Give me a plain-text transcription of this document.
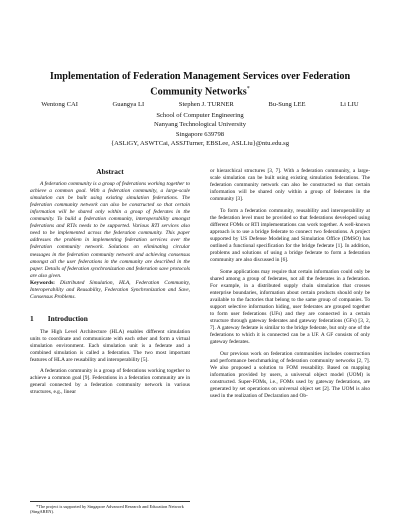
Implementation of Federation Management Services over Federation Community Networks*
Wentong CAI	Guangya LI	Stephen J. TURNER	Bu-Sung LEE	Li LIU
School of Computer Engineering
Nanyang Technological University
Singapore 639798
{ASLiGY, ASWTCai, ASSJTurner, EBSLee, ASLLiu}@ntu.edu.sg
Abstract

A federation community is a group of federations working together to achieve a common goal. With a federation community, a large-scale simulation can be built using existing simulation federations. The federation community network can also be constructed so that certain information will be shared only within a group of federates in the community. To build a federation community, interoperability amongst federations and RTIs needs to be supported. Various RTI services also need to be implemented across the federation community. This paper addresses the problem in implementing federation services over the federation community network. Solutions on eliminating circular messages in the federation community network and achieving consensus amongst all the user federations in the community are described in the paper. Details of federation synchronization and federation save protocols are also given.

Keywords: Distributed Simulation, HLA, Federation Community, Interoperability and Reusability, Federation Synchronization and Save, Consensus Problems.

1 Introduction

The High Level Architecture (HLA) enables different simulation units to coordinate and communicate with each other and form a virtual simulation environment. Each simulation unit is a federate and a combined simulation is called a federation. The two most important features of HLA are reusability and interoperability [5].

A federation community is a group of federations working together to achieve a common goal [9]. Federations in a federation community are in general connected by a federation community network in various structures, e.g., linear

*The project is supported by Singapore Advanced Research and Education Network (SingAREN).

or hierarchical structures [3, 7]. With a federation community, a large-scale simulation can be built using existing simulation federations. The federation community network can also be constructed so that certain information will be shared only within a group of federates in the community [3].

To form a federation community, reusability and interoperability at the federation level must be provided so that federations developed using different FOMs or RTI implementations can work together. A well-known approach is to use a bridge federate to connect two federations. A project supported by US Defense Modeling and Simulation Office (DMSO) has outlined a functional specification for the bridge federate [1]. In addition, problems and solutions of using a bridge federate to form a federation community are also discussed in [6].

Some applications may require that certain information could only be shared among a group of federates, not all the federates in a federation. For example, in a distributed supply chain simulation that crosses enterprise boundaries, information about certain products should only be available to the factories that belong to the same group of companies. To support selective information hiding, user federates are grouped together to form user federations (UFs) and they are connected in a certain structure through gateway federates and gateway federations (GFs) [3, 2, 7]. A gateway federate is similar to the bridge federate, but only one of the federations to which it is connected can be a UF. A GF consists of only gateway federates.

Our previous work on federation communities includes construction and performance benchmarking of federation community networks [2, 7]. We also proposed a solution to FOM reusability. Based on mapping information provided by users, a universal object model (UOM) is constructed. Super-FOMs, i.e., FOMs used by gateway federations, are generated by set operations on universal object set [2]. The UOM is also used in the realization of Declaration and Ob-
